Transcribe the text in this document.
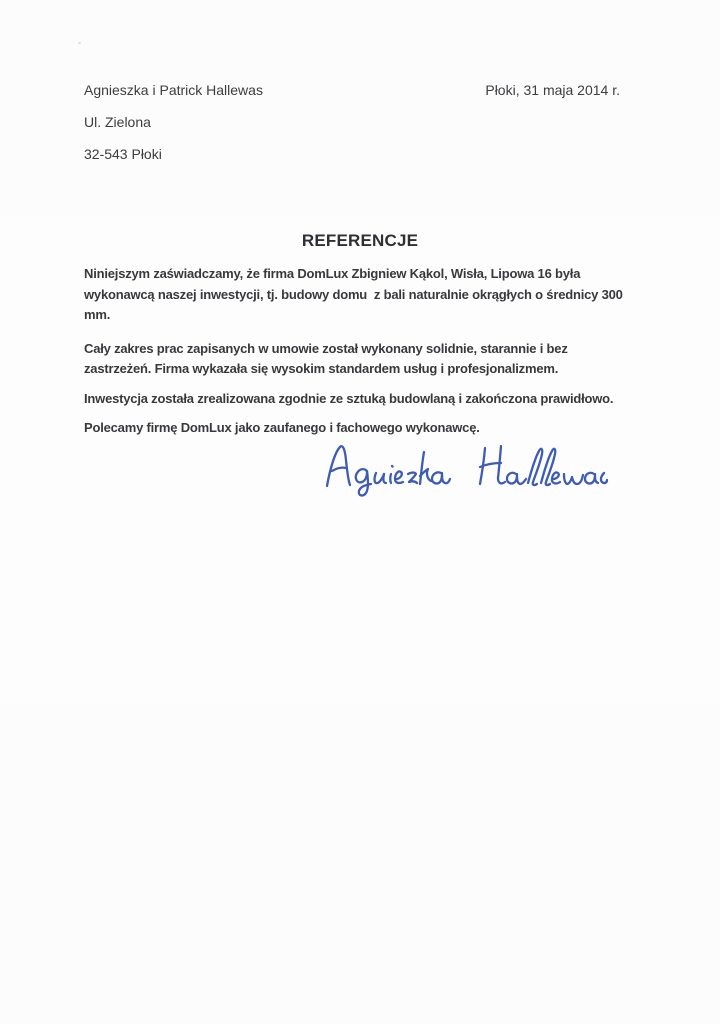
Agnieszka i Patrick Hallewas
Ul. Zielona
32-543 Płoki
Płoki, 31 maja 2014 r.
REFERENCJE

Niniejszym zaświadczamy, że firma DomLux Zbigniew Kąkol, Wisła, Lipowa 16 była
wykonawcą naszej inwestycji, tj. budowy domu  z bali naturalnie okrągłych o średnicy 300
mm.

Cały zakres prac zapisanych w umowie został wykonany solidnie, starannie i bez
zastrzeżeń. Firma wykazała się wysokim standardem usług i profesjonalizmem.

Inwestycja została zrealizowana zgodnie ze sztuką budowlaną i zakończona prawidłowo.

Polecamy firmę DomLux jako zaufanego i fachowego wykonawcę.
